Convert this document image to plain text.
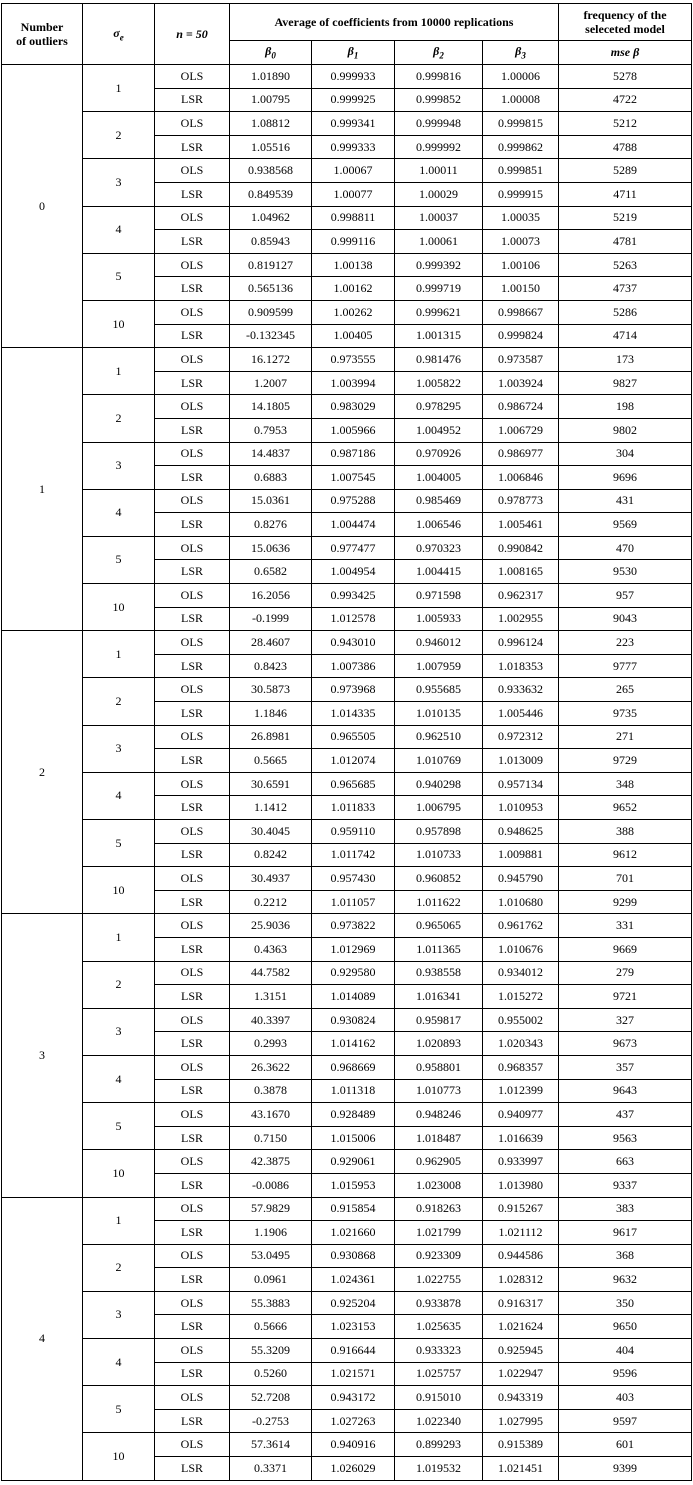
Number
of outliers	$\sigma_e$	n = 50	Average of coefficients from 10000 replications				frequency of the
seleceted model
			$\beta_0$	$\beta_1$	$\beta_2$	$\beta_3$	mse β
0	1	OLS	1.01890	0.999933	0.999816	1.00006	5278
		LSR	1.00795	0.999925	0.999852	1.00008	4722
	2	OLS	1.08812	0.999341	0.999948	0.999815	5212
		LSR	1.05516	0.999333	0.999992	0.999862	4788
	3	OLS	0.938568	1.00067	1.00011	0.999851	5289
		LSR	0.849539	1.00077	1.00029	0.999915	4711
	4	OLS	1.04962	0.998811	1.00037	1.00035	5219
		LSR	0.85943	0.999116	1.00061	1.00073	4781
	5	OLS	0.819127	1.00138	0.999392	1.00106	5263
		LSR	0.565136	1.00162	0.999719	1.00150	4737
	10	OLS	0.909599	1.00262	0.999621	0.998667	5286
		LSR	-0.132345	1.00405	1.001315	0.999824	4714
1	1	OLS	16.1272	0.973555	0.981476	0.973587	173
		LSR	1.2007	1.003994	1.005822	1.003924	9827
	2	OLS	14.1805	0.983029	0.978295	0.986724	198
		LSR	0.7953	1.005966	1.004952	1.006729	9802
	3	OLS	14.4837	0.987186	0.970926	0.986977	304
		LSR	0.6883	1.007545	1.004005	1.006846	9696
	4	OLS	15.0361	0.975288	0.985469	0.978773	431
		LSR	0.8276	1.004474	1.006546	1.005461	9569
	5	OLS	15.0636	0.977477	0.970323	0.990842	470
		LSR	0.6582	1.004954	1.004415	1.008165	9530
	10	OLS	16.2056	0.993425	0.971598	0.962317	957
		LSR	-0.1999	1.012578	1.005933	1.002955	9043
2	1	OLS	28.4607	0.943010	0.946012	0.996124	223
		LSR	0.8423	1.007386	1.007959	1.018353	9777
	2	OLS	30.5873	0.973968	0.955685	0.933632	265
		LSR	1.1846	1.014335	1.010135	1.005446	9735
	3	OLS	26.8981	0.965505	0.962510	0.972312	271
		LSR	0.5665	1.012074	1.010769	1.013009	9729
	4	OLS	30.6591	0.965685	0.940298	0.957134	348
		LSR	1.1412	1.011833	1.006795	1.010953	9652
	5	OLS	30.4045	0.959110	0.957898	0.948625	388
		LSR	0.8242	1.011742	1.010733	1.009881	9612
	10	OLS	30.4937	0.957430	0.960852	0.945790	701
		LSR	0.2212	1.011057	1.011622	1.010680	9299
3	1	OLS	25.9036	0.973822	0.965065	0.961762	331
		LSR	0.4363	1.012969	1.011365	1.010676	9669
	2	OLS	44.7582	0.929580	0.938558	0.934012	279
		LSR	1.3151	1.014089	1.016341	1.015272	9721
	3	OLS	40.3397	0.930824	0.959817	0.955002	327
		LSR	0.2993	1.014162	1.020893	1.020343	9673
	4	OLS	26.3622	0.968669	0.958801	0.968357	357
		LSR	0.3878	1.011318	1.010773	1.012399	9643
	5	OLS	43.1670	0.928489	0.948246	0.940977	437
		LSR	0.7150	1.015006	1.018487	1.016639	9563
	10	OLS	42.3875	0.929061	0.962905	0.933997	663
		LSR	-0.0086	1.015953	1.023008	1.013980	9337
4	1	OLS	57.9829	0.915854	0.918263	0.915267	383
		LSR	1.1906	1.021660	1.021799	1.021112	9617
	2	OLS	53.0495	0.930868	0.923309	0.944586	368
		LSR	0.0961	1.024361	1.022755	1.028312	9632
	3	OLS	55.3883	0.925204	0.933878	0.916317	350
		LSR	0.5666	1.023153	1.025635	1.021624	9650
	4	OLS	55.3209	0.916644	0.933323	0.925945	404
		LSR	0.5260	1.021571	1.025757	1.022947	9596
	5	OLS	52.7208	0.943172	0.915010	0.943319	403
		LSR	-0.2753	1.027263	1.022340	1.027995	9597
	10	OLS	57.3614	0.940916	0.899293	0.915389	601
		LSR	0.3371	1.026029	1.019532	1.021451	9399
